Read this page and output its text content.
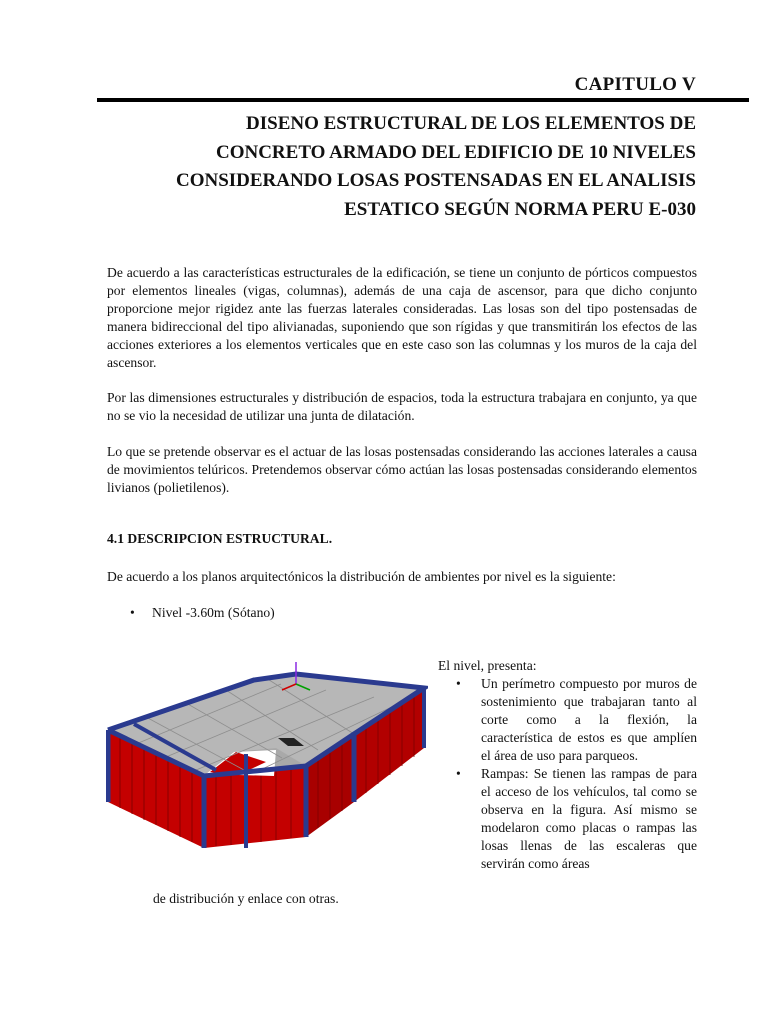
CAPITULO V
DISENO ESTRUCTURAL DE LOS ELEMENTOS DE
CONCRETO ARMADO DEL EDIFICIO DE 10 NIVELES
CONSIDERANDO LOSAS POSTENSADAS EN EL ANALISIS
ESTATICO SEGÚN NORMA PERU E-030
De acuerdo a las características estructurales de la edificación, se tiene un conjunto de pórticos compuestos por elementos lineales (vigas, columnas), además de una caja de ascensor, para que dicho conjunto proporcione mejor rigidez ante las fuerzas laterales consideradas. Las losas son del tipo postensadas de manera bidireccional del tipo alivianadas, suponiendo que son rígidas y que transmitirán los efectos de las acciones exteriores a los elementos verticales que en este caso son las columnas y los muros de la caja del ascensor.
Por las dimensiones estructurales y distribución de espacios, toda la estructura trabajara en conjunto, ya que no se vio la necesidad de utilizar una junta de dilatación.
Lo que se pretende observar es el actuar de las losas postensadas considerando las acciones laterales a causa de movimientos telúricos. Pretendemos observar cómo actúan las losas postensadas considerando elementos livianos (polietilenos).
4.1 DESCRIPCION ESTRUCTURAL.
De acuerdo a los planos arquitectónicos la distribución de ambientes por nivel es la siguiente:
• Nivel -3.60m (Sótano)
El nivel, presenta:
• Un perímetro compuesto por muros de sostenimiento que trabajaran tanto al corte como a la flexión, la característica de estos es que amplíen el área de uso para parqueos.
• Rampas: Se tienen las rampas de para el acceso de los vehículos, tal como se observa en la figura. Así mismo se modelaron como placas o rampas las losas llenas de las escaleras que servirán como áreas
de distribución y enlace con otras.
